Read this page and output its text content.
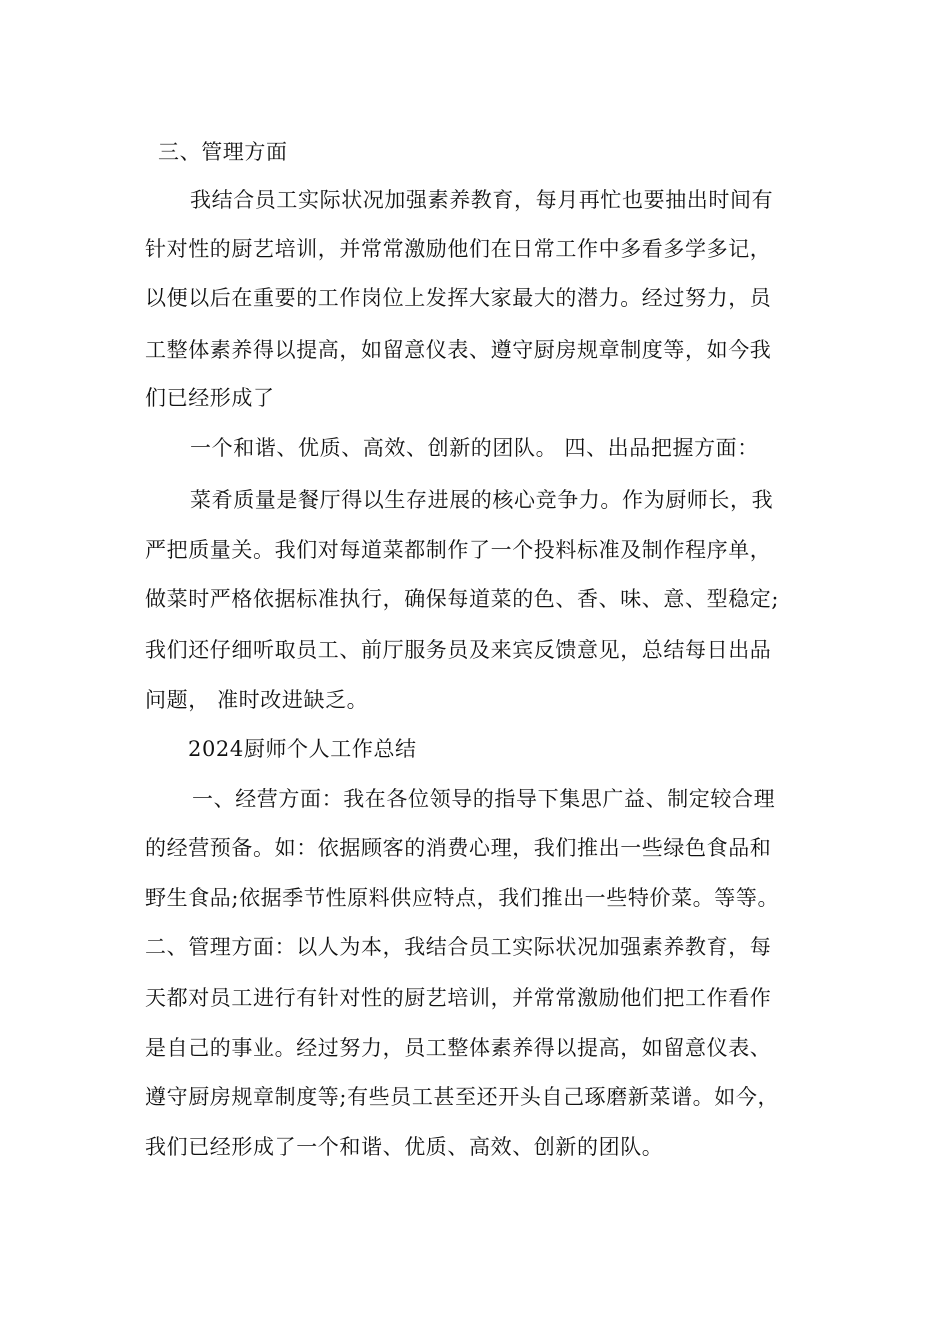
三、管理方面
我结合员工实际状况加强素养教育，每月再忙也要抽出时间有
针对性的厨艺培训，并常常激励他们在日常工作中多看多学多记，
以便以后在重要的工作岗位上发挥大家最大的潜力。经过努力，员
工整体素养得以提高，如留意仪表、遵守厨房规章制度等，如今我
们已经形成了
一个和谐、优质、高效、创新的团队。 四、出品把握方面：
菜肴质量是餐厅得以生存进展的核心竞争力。作为厨师长，我
严把质量关。我们对每道菜都制作了一个投料标准及制作程序单，
做菜时严格依据标准执行，确保每道菜的色、香、味、意、型稳定;
我们还仔细听取员工、前厅服务员及来宾反馈意见，总结每日出品
问题， 准时改进缺乏。
2024厨师个人工作总结
一、经营方面：我在各位领导的指导下集思广益、制定较合理
的经营预备。如：依据顾客的消费心理，我们推出一些绿色食品和
野生食品;依据季节性原料供应特点，我们推出一些特价菜。等等。
二、管理方面：以人为本，我结合员工实际状况加强素养教育，每
天都对员工进行有针对性的厨艺培训，并常常激励他们把工作看作
是自己的事业。经过努力，员工整体素养得以提高，如留意仪表、
遵守厨房规章制度等;有些员工甚至还开头自己琢磨新菜谱。如今，
我们已经形成了一个和谐、优质、高效、创新的团队。
